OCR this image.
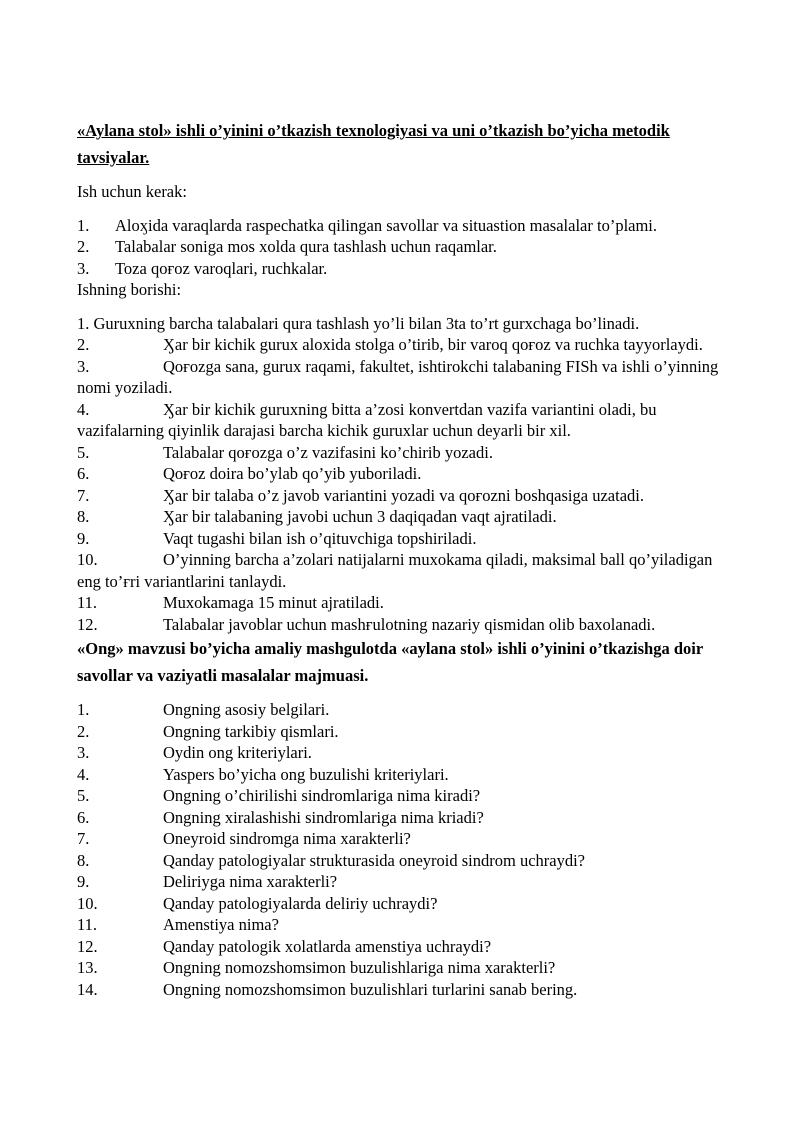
«Aylana stol» ishli o’yinini o’tkazish texnologiyasi va uni o’tkazish bo’yicha metodik tavsiyalar.

Ish uchun kerak:

1.	Aloӽida varaqlarda raspechatka qilingan savollar va situastion masalalar to’plami.
2.	Talabalar soniga mos xolda qura tashlash uchun raqamlar.
3.	Toza qoғoz varoqlari, ruchkalar.

Ishning borishi:

1. Guruxning barcha talabalari qura tashlash yo’li bilan 3ta to’rt gurxchaga bo’linadi.
2.	Ӽar bir kichik gurux aloxida stolga o’tirib, bir varoq qoғoz va ruchka tayyorlaydi.
3.	Qoғozga sana, gurux raqami, fakultet, ishtirokchi talabaning FISh va ishli o’yinning nomi yoziladi.
4.	Ӽar bir kichik guruxning bitta a’zosi konvertdan vazifa variantini oladi, bu vazifalarning qiyinlik darajasi barcha kichik guruxlar uchun deyarli bir xil.
5.	Talabalar qoғozga o’z vazifasini ko’chirib yozadi.
6.	Qoғoz doira bo’ylab qo’yib yuboriladi.
7.	Ӽar bir talaba o’z javob variantini yozadi va qoғozni boshqasiga uzatadi.
8.	Ӽar bir talabaning javobi uchun 3 daqiqadan vaqt ajratiladi.
9.	Vaqt tugashi bilan ish o’qituvchiga topshiriladi.
10.	O’yinning barcha a’zolari natijalarni muxokama qiladi, maksimal ball qo’yiladigan eng to’ғri variantlarini tanlaydi.
11.	Muxokamaga 15 minut ajratiladi.
12.	Talabalar javoblar uchun mashғulotning nazariy qismidan olib baxolanadi.

«Ong» mavzusi bo’yicha amaliy mashgulotda «aylana stol» ishli o’yinini o’tkazishga doir savollar va vaziyatli masalalar majmuasi.

1.	Ongning asosiy belgilari.
2.	Ongning tarkibiy qismlari.
3.	Oydin ong kriteriylari.
4.	Yaspers bo’yicha ong buzulishi kriteriylari.
5.	Ongning o’chirilishi sindromlariga nima kiradi?
6.	Ongning xiralashishi sindromlariga nima kriadi?
7.	Oneyroid sindromga nima xarakterli?
8.	Qanday patologiyalar strukturasida oneyroid sindrom uchraydi?
9.	Deliriyga nima xarakterli?
10.	Qanday patologiyalarda deliriy uchraydi?
11.	Amenstiya nima?
12.	Qanday patologik xolatlarda amenstiya uchraydi?
13.	Ongning nomozshomsimon buzulishlariga nima xarakterli?
14.	Ongning nomozshomsimon buzulishlari turlarini sanab bering.
